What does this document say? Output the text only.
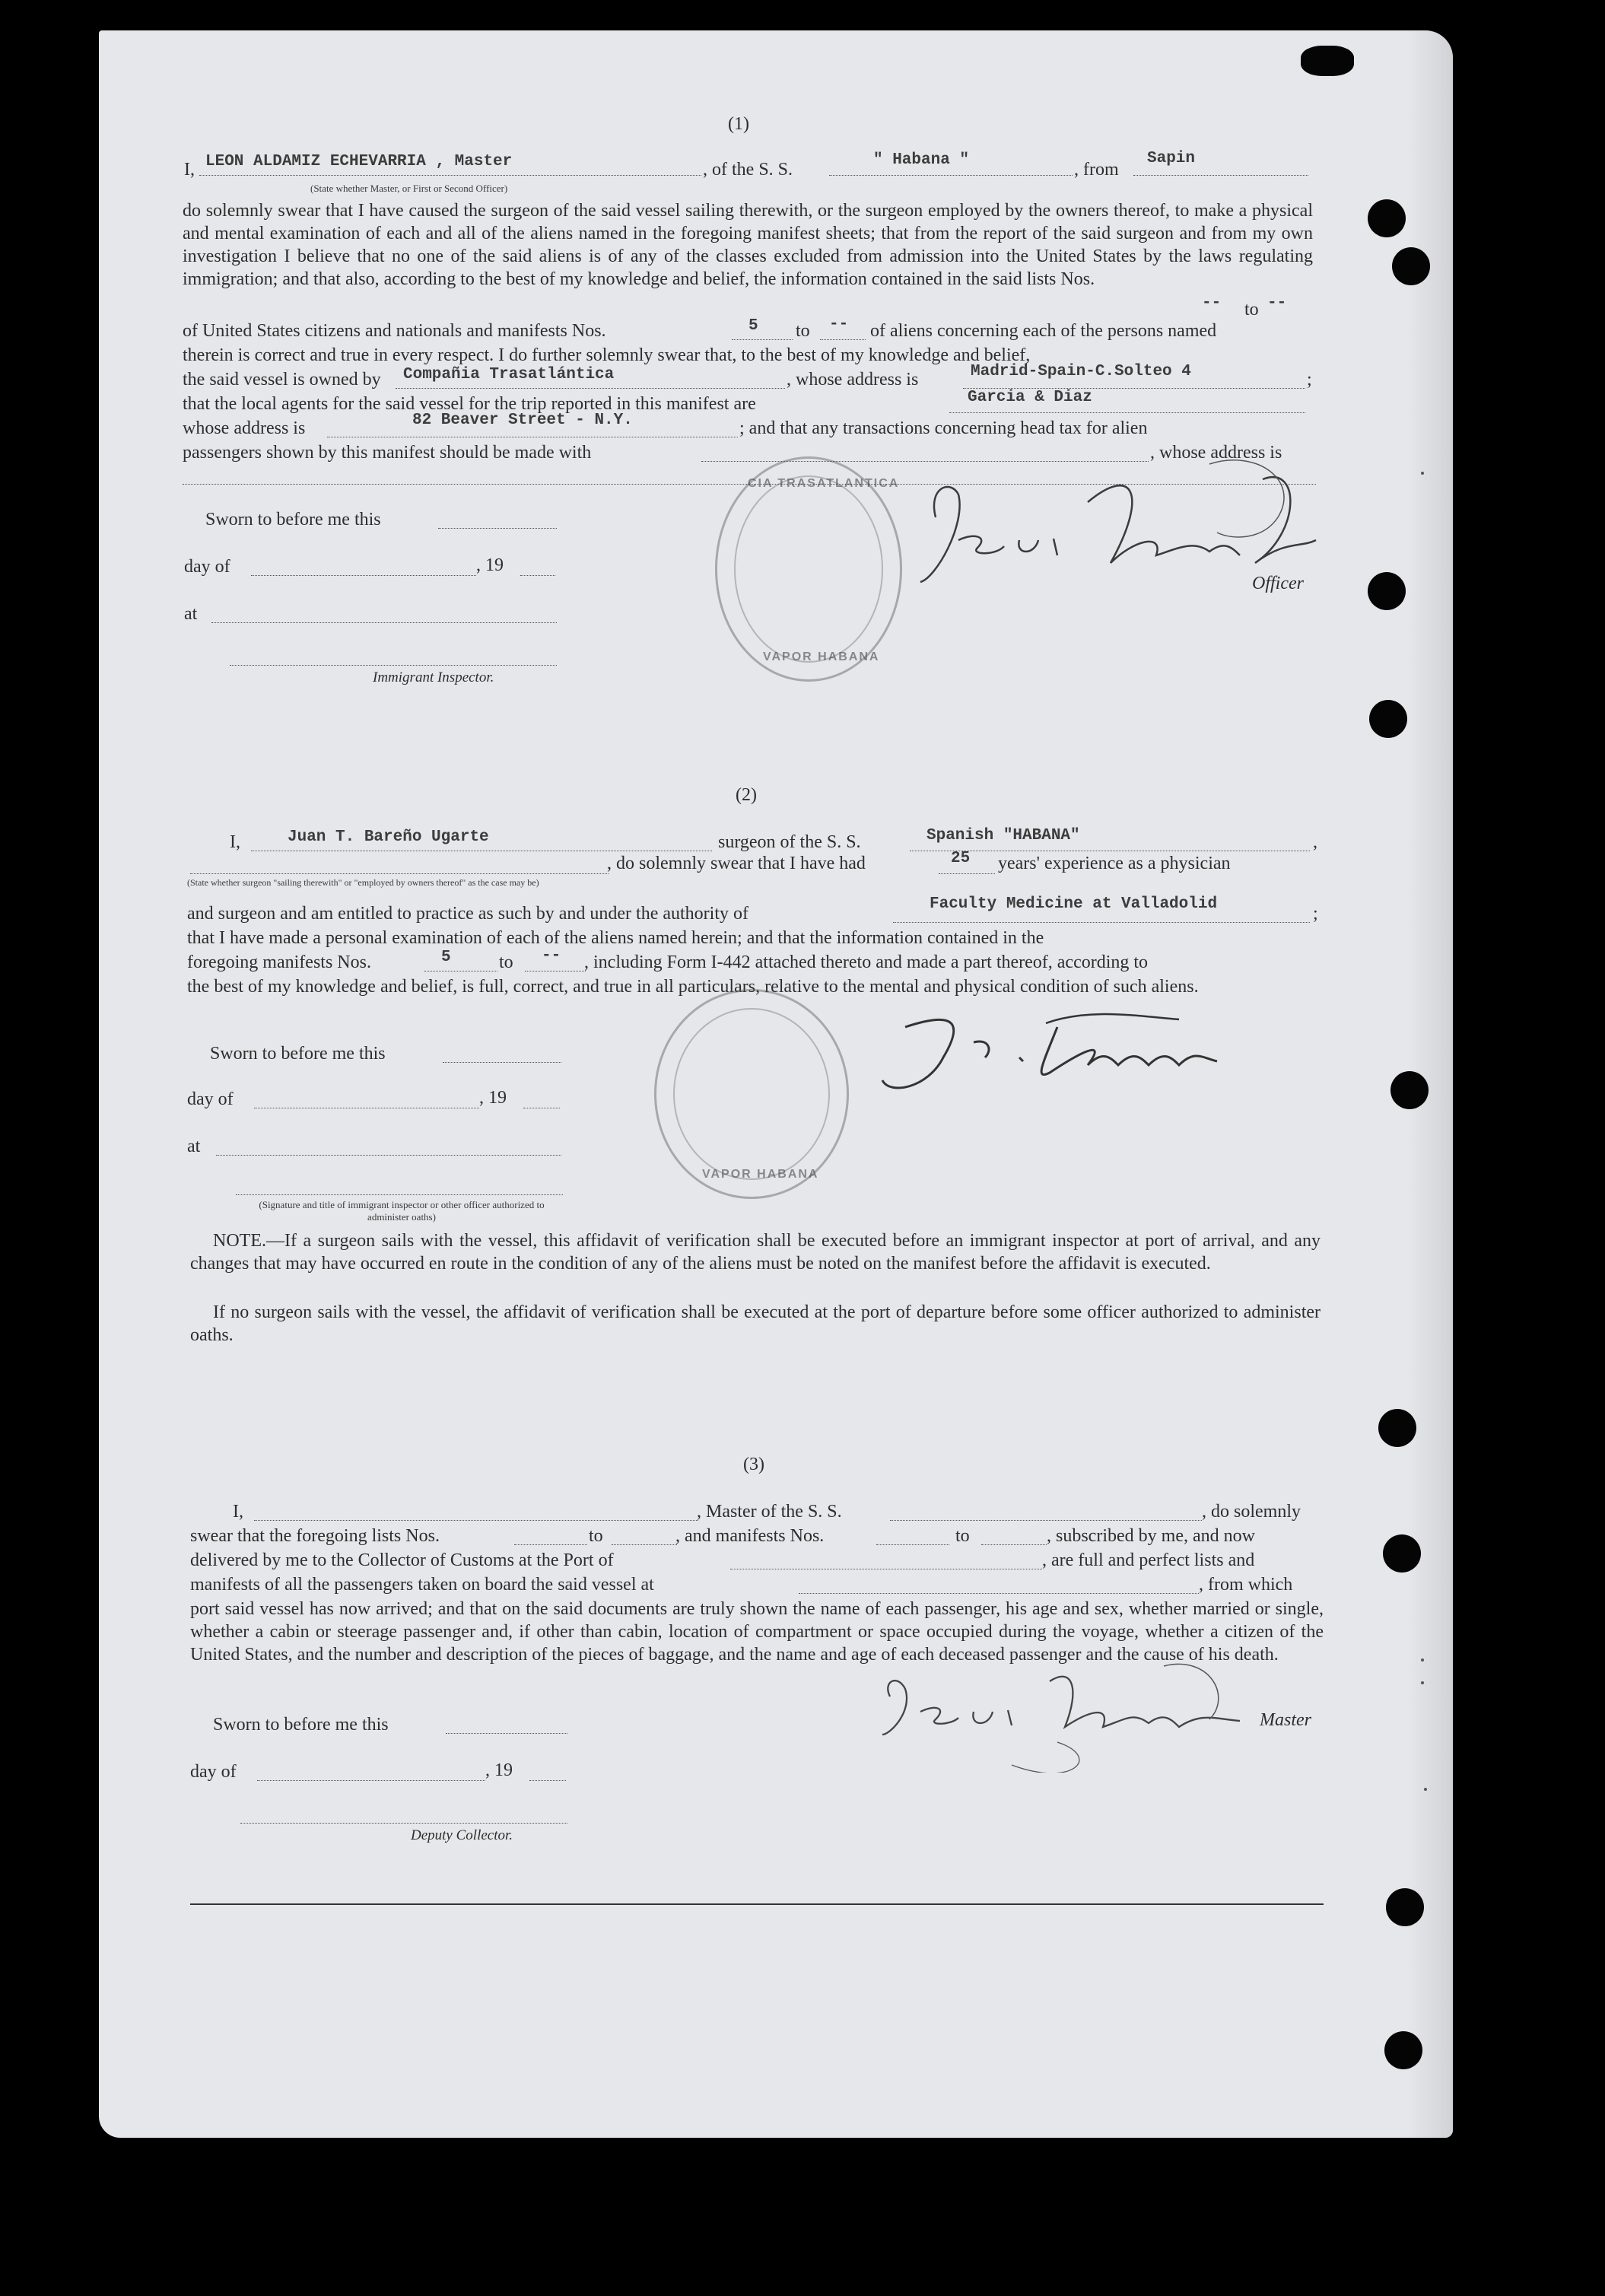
(1)
I, LEON ALDAMIZ ECHEVARRIA , Master
(State whether Master, or First or Second Officer)
, of the S. S.	" Habana "	, from
Sapin
do solemnly swear that I have caused the surgeon of the said vessel sailing therewith, or the surgeon employed by the owners thereof, to make a physical and mental examination of each and all of the aliens named in the foregoing manifest sheets; that from the report of the said surgeon and from my own investigation I believe that no one of the said aliens is of any of the classes excluded from admission into the United States by the laws regulating immigration; and that also, according to the best of my knowledge and belief, the information contained in the said lists Nos.
-- to --
of United States citizens and nationals and manifests Nos.	5 to -- of aliens concerning each of the persons named
therein is correct and true in every respect. I do further solemnly swear that, to the best of my knowledge and belief,
the said vessel is owned by Compañia Trasatlántica	, whose address is	Madrid-Spain-C.Solteo 4	;
that the local agents for the said vessel for the trip reported in this manifest are	Garcia & Diaz
whose address is	82 Beaver Street - N.Y.	; and that any transactions concerning head tax for alien
passengers shown by this manifest should be made with	, whose address is
Sworn to before me this
day of	, 19
at
Immigrant Inspector.
CIA TRASATLANTICA
VAPOR HABANA
Officer
(2)
I,	Juan T. Bareño Ugarte	surgeon of the S. S.	Spanish "HABANA"	,
, do solemnly swear that I have had	25 years' experience as a physician
(State whether surgeon "sailing therewith" or "employed by owners thereof" as the case may be)
and surgeon and am entitled to practice as such by and under the authority of	Faculty Medicine at Valladolid	;
that I have made a personal examination of each of the aliens named herein; and that the information contained in the
foregoing manifests Nos.	5	to -- , including Form I-442 attached thereto and made a part thereof, according to
the best of my knowledge and belief, is full, correct, and true in all particulars, relative to the mental and physical condition of such aliens.
Sworn to before me this
day of	, 19
at
(Signature and title of immigrant inspector or other officer authorized to administer oaths)
VAPOR HABANA
NOTE.—If a surgeon sails with the vessel, this affidavit of verification shall be executed before an immigrant inspector at port of arrival, and any changes that may have occurred en route in the condition of any of the aliens must be noted on the manifest before the affidavit is executed.
If no surgeon sails with the vessel, the affidavit of verification shall be executed at the port of departure before some officer authorized to administer oaths.
(3)
I,	, Master of the S. S.	, do solemnly
swear that the foregoing lists Nos.	to	, and manifests Nos.	to	, subscribed by me, and now
delivered by me to the Collector of Customs at the Port of	, are full and perfect lists and
manifests of all the passengers taken on board the said vessel at	, from which
port said vessel has now arrived; and that on the said documents are truly shown the name of each passenger, his age and sex, whether married or single, whether a cabin or steerage passenger and, if other than cabin, location of compartment or space occupied during the voyage, whether a citizen of the United States, and the number and description of the pieces of baggage, and the name and age of each deceased passenger and the cause of his death.
Sworn to before me this
day of	, 19
Deputy Collector.
Master
